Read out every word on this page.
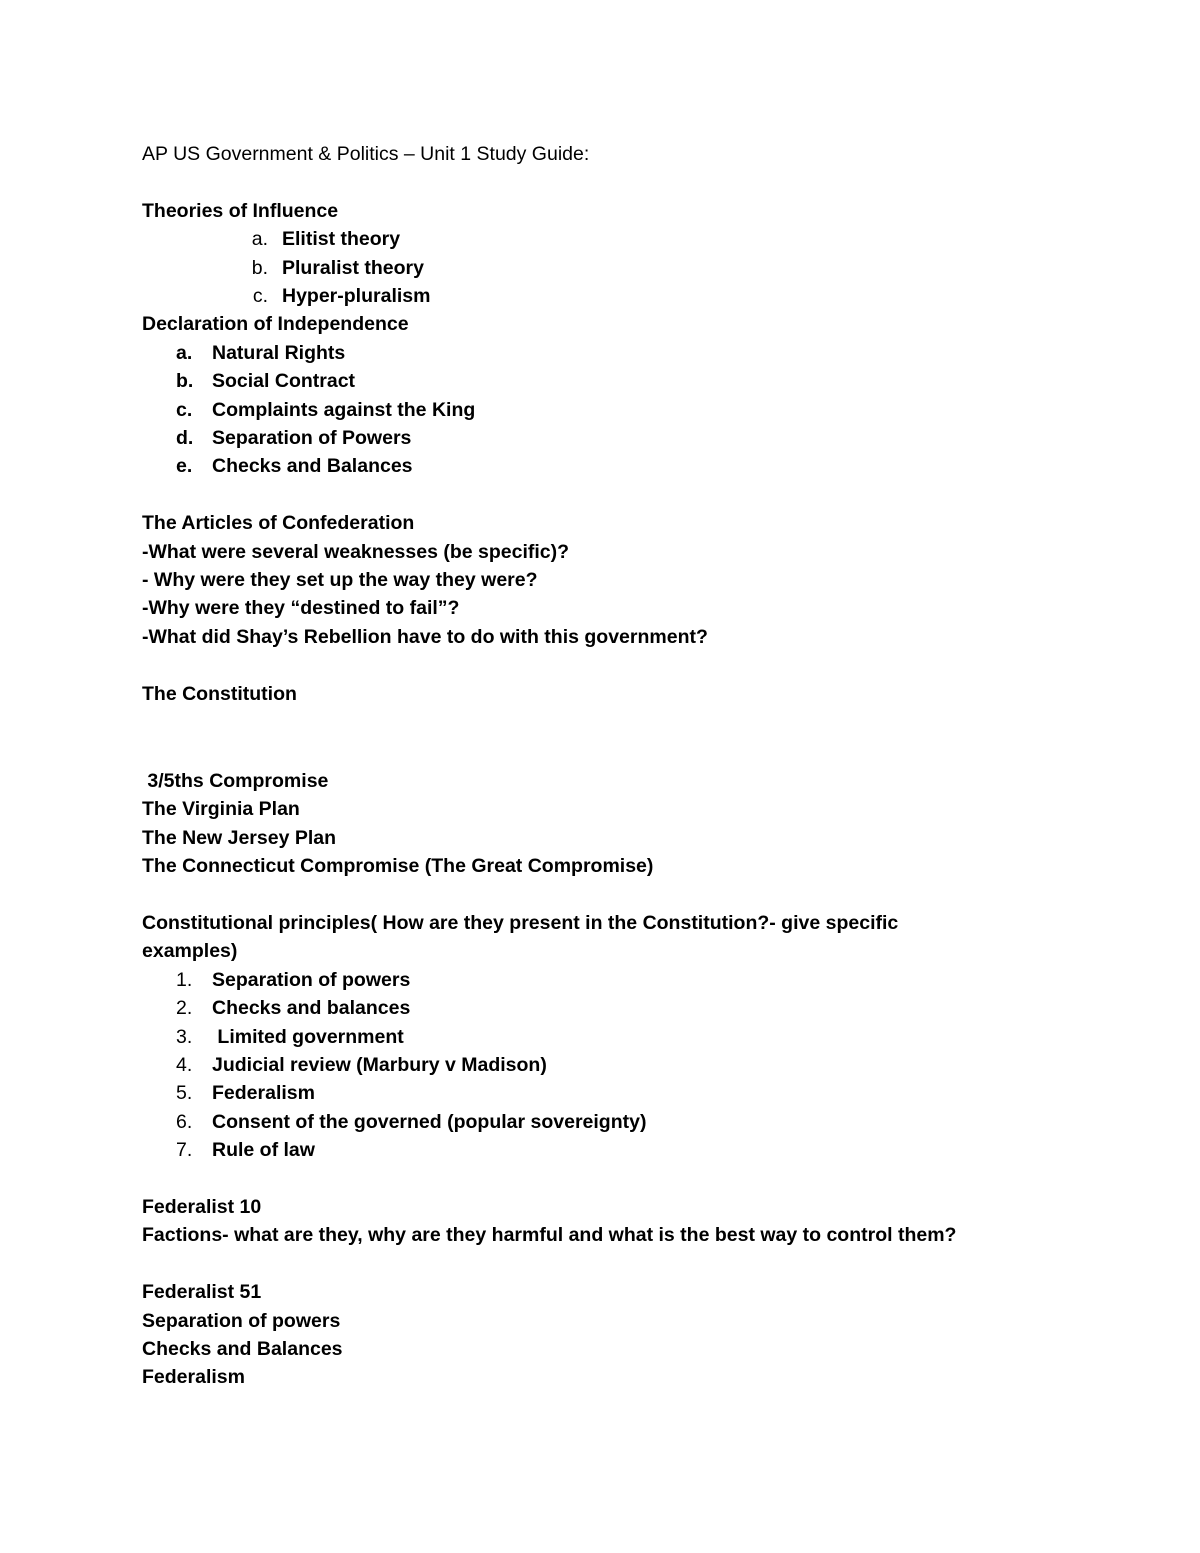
AP US Government & Politics – Unit 1 Study Guide:
Theories of Influence
a. Elitist theory
b. Pluralist theory
c. Hyper-pluralism
Declaration of Independence
a.	Natural Rights
b. Social Contract
c.	Complaints against the King
d. Separation of Powers
e.	Checks and Balances
The Articles of Confederation
-What were several weaknesses (be specific)?
- Why were they set up the way they were?
-Why were they “destined to fail”?
-What did Shay’s Rebellion have to do with this government?
The Constitution
3/5ths Compromise
The Virginia Plan
The New Jersey Plan
The Connecticut Compromise (The Great Compromise)
Constitutional principles( How are they present in the Constitution?- give specific examples)
1.	Separation of powers
2.	Checks and balances
3.	Limited government
4.	Judicial review (Marbury v Madison)
5.	Federalism
6.	Consent of the governed (popular sovereignty)
7.	Rule of law
Federalist 10
Factions- what are they, why are they harmful and what is the best way to control them?
Federalist 51
Separation of powers
Checks and Balances
Federalism
